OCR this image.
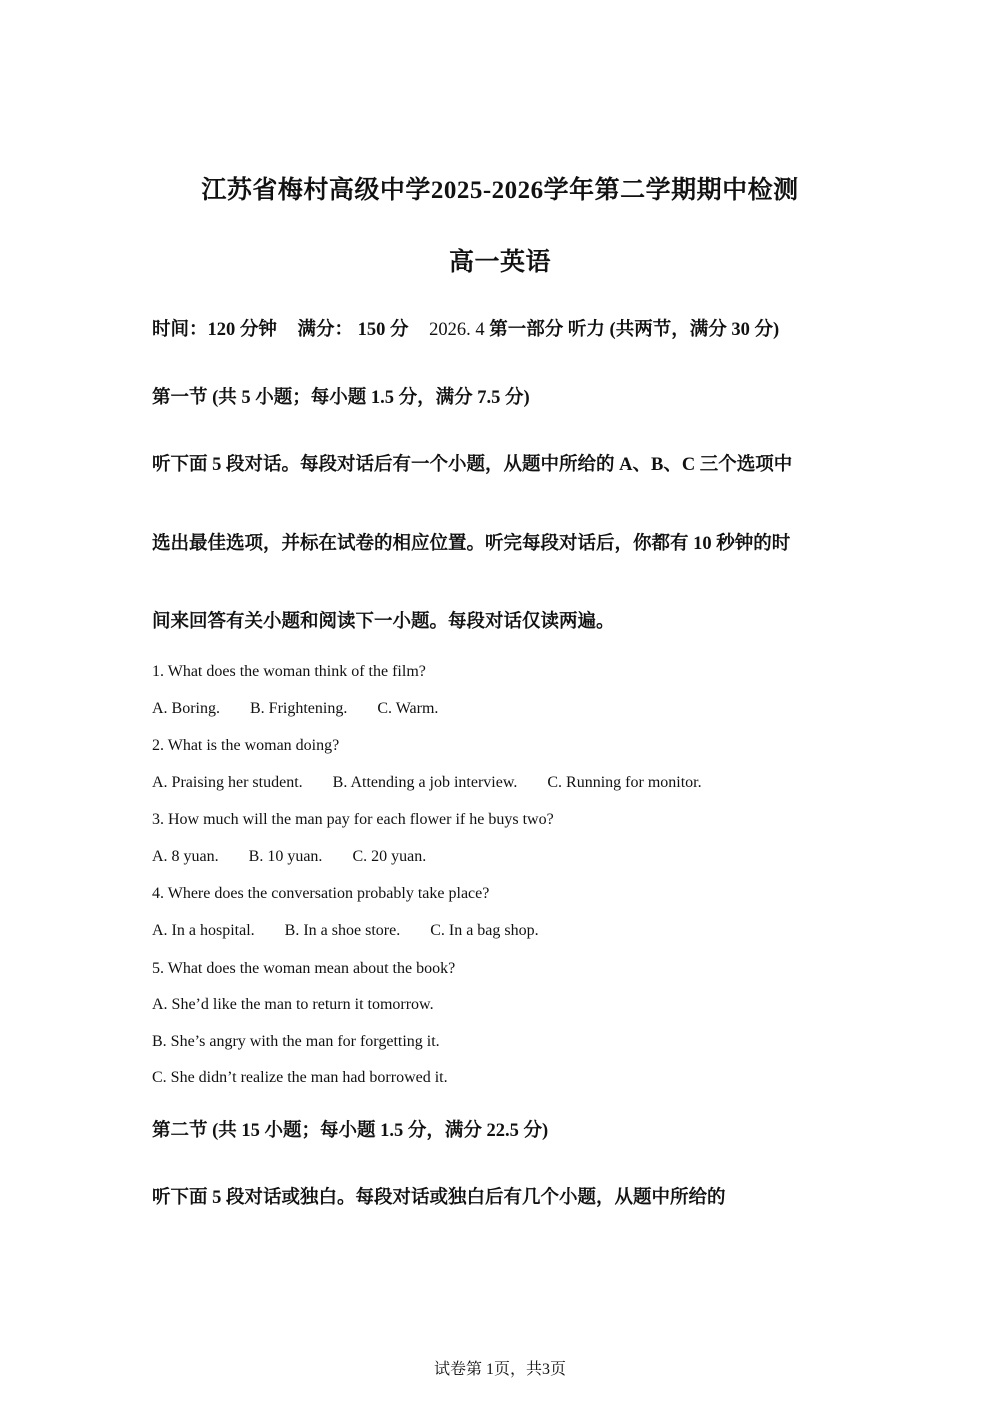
江苏省梅村高级中学2025-2026学年第二学期期中检测
高一英语
时间：120 分钟 满分： 150 分 2026. 4 第一部分 听力 (共两节，满分 30 分)
第一节 (共 5 小题；每小题 1.5 分，满分 7.5 分)
听下面 5 段对话。每段对话后有一个小题，从题中所给的 A、B、C 三个选项中
选出最佳选项，并标在试卷的相应位置。听完每段对话后，你都有 10 秒钟的时
间来回答有关小题和阅读下一小题。每段对话仅读两遍。
1. What does the woman think of the film?
A. Boring. B. Frightening. C. Warm.
2. What is the woman doing?
A. Praising her student. B. Attending a job interview. C. Running for monitor.
3. How much will the man pay for each flower if he buys two?
A. 8 yuan. B. 10 yuan. C. 20 yuan.
4. Where does the conversation probably take place?
A. In a hospital. B. In a shoe store. C. In a bag shop.
5. What does the woman mean about the book?
A. She’d like the man to return it tomorrow.
B. She’s angry with the man for forgetting it.
C. She didn’t realize the man had borrowed it.
第二节 (共 15 小题；每小题 1.5 分，满分 22.5 分)
听下面 5 段对话或独白。每段对话或独白后有几个小题，从题中所给的
试卷第 1页，共3页
